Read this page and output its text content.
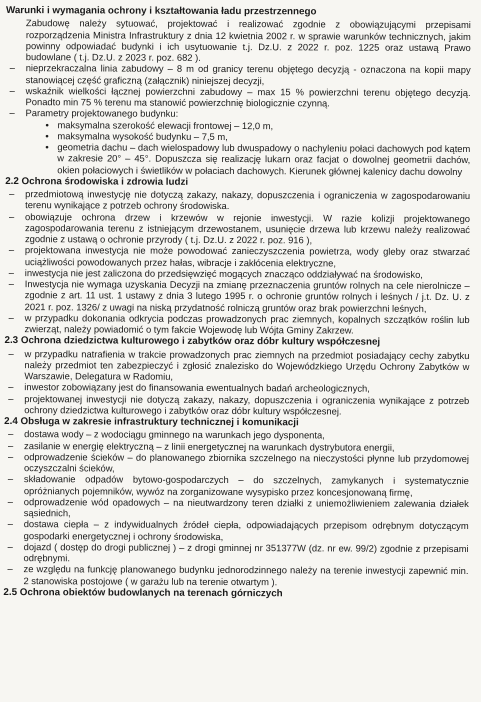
Warunki i wymagania ochrony i kształtowania ładu przestrzennego
Zabudowę należy sytuować, projektować i realizować zgodnie z obowiązującymi przepisami rozporządzenia Ministra Infrastruktury z dnia 12 kwietnia 2002 r. w sprawie warunków technicznych, jakim powinny odpowiadać budynki i ich usytuowanie t.j. Dz.U. z 2022 r. poz. 1225 oraz ustawą Prawo budowlane ( t.j. Dz.U. z 2023 r. poz. 682 ).
– nieprzekraczalna linia zabudowy – 8 m od granicy terenu objętego decyzją - oznaczona na kopii mapy stanowiącej część graficzną (załącznik) niniejszej decyzji,
– wskaźnik wielkości łącznej powierzchni zabudowy – max 15 % powierzchni terenu objętego decyzją. Ponadto min 75 % terenu ma stanowić powierzchnię biologicznie czynną.
– Parametry projektowanego budynku:
• maksymalna szerokość elewacji frontowej – 12,0 m,
• maksymalna wysokość budynku – 7,5 m,
• geometria dachu – dach wielospadowy lub dwuspadowy o nachyleniu połaci dachowych pod kątem w zakresie 20° – 45°. Dopuszcza się realizację lukarn oraz facjat o dowolnej geometrii dachów, okien połaciowych i świetlików w połaciach dachowych. Kierunek głównej kalenicy dachu dowolny
2.2 Ochrona środowiska i zdrowia ludzi
– przedmiotową inwestycję nie dotyczą zakazy, nakazy, dopuszczenia i ograniczenia w zagospodarowaniu terenu wynikające z potrzeb ochrony środowiska.
– obowiązuje ochrona drzew i krzewów w rejonie inwestycji. W razie kolizji projektowanego zagospodarowania terenu z istniejącym drzewostanem, usunięcie drzewa lub krzewu należy realizować zgodnie z ustawą o ochronie przyrody ( t.j. Dz.U. z 2022 r. poz. 916 ),
– projektowana inwestycja nie może powodować zanieczyszczenia powietrza, wody gleby oraz stwarzać uciążliwości powodowanych przez hałas, wibracje i zakłócenia elektryczne,
– inwestycja nie jest zaliczona do przedsięwzięć mogących znacząco oddziaływać na środowisko,
– Inwestycja nie wymaga uzyskania Decyzji na zmianę przeznaczenia gruntów rolnych na cele nierolnicze – zgodnie z art. 11 ust. 1 ustawy z dnia 3 lutego 1995 r. o ochronie gruntów rolnych i leśnych / j.t. Dz. U. z 2021 r. poz. 1326/ z uwagi na niską przydatność rolniczą gruntów oraz brak powierzchni leśnych,
– w przypadku dokonania odkrycia podczas prowadzonych prac ziemnych, kopalnych szczątków roślin lub zwierząt, należy powiadomić o tym fakcie Wojewodę lub Wójta Gminy Zakrzew.
2.3 Ochrona dziedzictwa kulturowego i zabytków oraz dóbr kultury współczesnej
– w przypadku natrafienia w trakcie prowadzonych prac ziemnych na przedmiot posiadający cechy zabytku należy przedmiot ten zabezpieczyć i zgłosić znalezisko do Wojewódzkiego Urzędu Ochrony Zabytków w Warszawie, Delegatura w Radomiu,
– inwestor zobowiązany jest do finansowania ewentualnych badań archeologicznych,
– projektowanej inwestycji nie dotyczą zakazy, nakazy, dopuszczenia i ograniczenia wynikające z potrzeb ochrony dziedzictwa kulturowego i zabytków oraz dóbr kultury współczesnej.
2.4 Obsługa w zakresie infrastruktury technicznej i komunikacji
– dostawa wody – z wodociągu gminnego na warunkach jego dysponenta,
– zasilanie w energię elektryczną – z linii energetycznej na warunkach dystrybutora energii,
– odprowadzenie ścieków – do planowanego zbiornika szczelnego na nieczystości płynne lub przydomowej oczyszczalni ścieków,
– składowanie odpadów bytowo-gospodarczych – do szczelnych, zamykanych i systematycznie opróżnianych pojemników, wywóz na zorganizowane wysypisko przez koncesjonowaną firmę,
– odprowadzenie wód opadowych – na nieutwardzony teren działki z uniemożliwieniem zalewania działek sąsiednich,
– dostawa ciepła – z indywidualnych źródeł ciepła, odpowiadających przepisom odrębnym dotyczącym gospodarki energetycznej i ochrony środowiska,
– dojazd ( dostęp do drogi publicznej ) – z drogi gminnej nr 351377W (dz. nr ew. 99/2) zgodnie z przepisami odrębnymi.
– ze względu na funkcję planowanego budynku jednorodzinnego należy na terenie inwestycji zapewnić min. 2 stanowiska postojowe ( w garażu lub na terenie otwartym ).
2.5 Ochrona obiektów budowlanych na terenach górniczych
